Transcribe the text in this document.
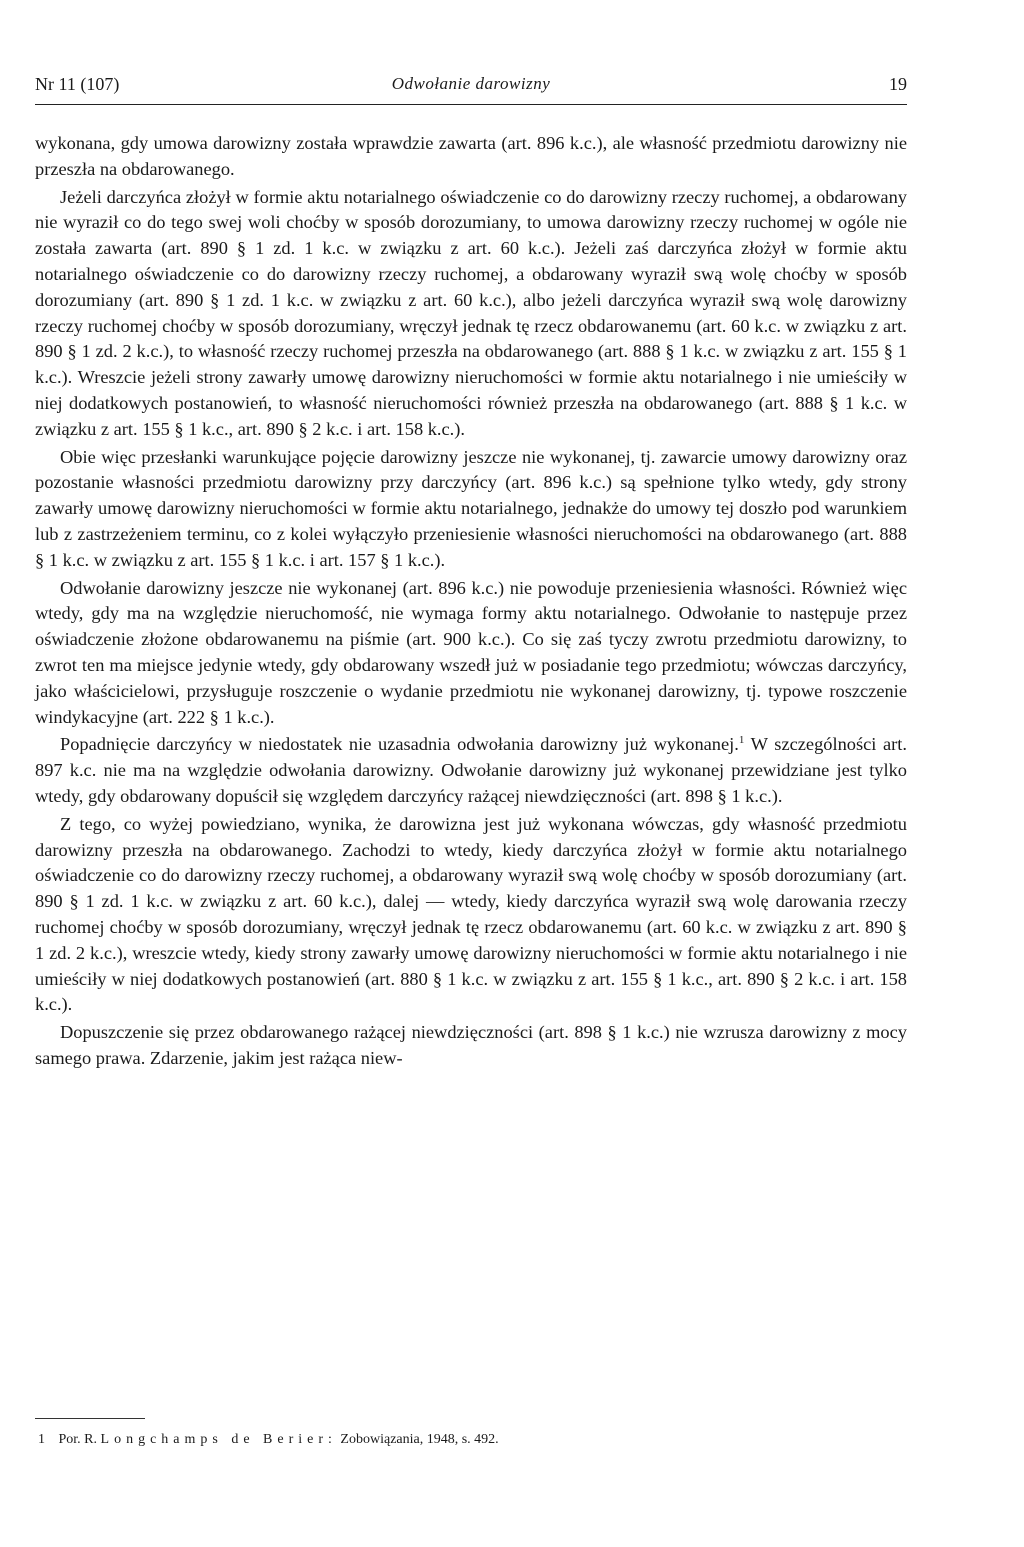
Nr 11 (107)	Odwołanie darowizny	19

wykonana, gdy umowa darowizny została wprawdzie zawarta (art. 896 k.c.), ale własność przedmiotu darowizny nie przeszła na obdarowanego.

Jeżeli darczyńca złożył w formie aktu notarialnego oświadczenie co do darowizny rzeczy ruchomej, a obdarowany nie wyraził co do tego swej woli choćby w sposób dorozumiany, to umowa darowizny rzeczy ruchomej w ogóle nie została zawarta (art. 890 § 1 zd. 1 k.c. w związku z art. 60 k.c.). Jeżeli zaś darczyńca złożył w formie aktu notarialnego oświadczenie co do darowizny rzeczy ruchomej, a obdarowany wyraził swą wolę choćby w sposób dorozumiany (art. 890 § 1 zd. 1 k.c. w związku z art. 60 k.c.), albo jeżeli darczyńca wyraził swą wolę darowizny rzeczy ruchomej choćby w sposób dorozumiany, wręczył jednak tę rzecz obdarowanemu (art. 60 k.c. w związku z art. 890 § 1 zd. 2 k.c.), to własność rzeczy ruchomej przeszła na obdarowanego (art. 888 § 1 k.c. w związku z art. 155 § 1 k.c.). Wreszcie jeżeli strony zawarły umowę darowizny nieruchomości w formie aktu notarialnego i nie umieściły w niej dodatkowych postanowień, to własność nieruchomości również przeszła na obdarowanego (art. 888 § 1 k.c. w związku z art. 155 § 1 k.c., art. 890 § 2 k.c. i art. 158 k.c.).

Obie więc przesłanki warunkujące pojęcie darowizny jeszcze nie wykonanej, tj. zawarcie umowy darowizny oraz pozostanie własności przedmiotu darowizny przy darczyńcy (art. 896 k.c.) są spełnione tylko wtedy, gdy strony zawarły umowę darowizny nieruchomości w formie aktu notarialnego, jednakże do umowy tej doszło pod warunkiem lub z zastrzeżeniem terminu, co z kolei wyłączyło przeniesienie własności nieruchomości na obdarowanego (art. 888 § 1 k.c. w związku z art. 155 § 1 k.c. i art. 157 § 1 k.c.).

Odwołanie darowizny jeszcze nie wykonanej (art. 896 k.c.) nie powoduje przeniesienia własności. Również więc wtedy, gdy ma na względzie nieruchomość, nie wymaga formy aktu notarialnego. Odwołanie to następuje przez oświadczenie złożone obdarowanemu na piśmie (art. 900 k.c.). Co się zaś tyczy zwrotu przedmiotu darowizny, to zwrot ten ma miejsce jedynie wtedy, gdy obdarowany wszedł już w posiadanie tego przedmiotu; wówczas darczyńcy, jako właścicielowi, przysługuje roszczenie o wydanie przedmiotu nie wykonanej darowizny, tj. typowe roszczenie windykacyjne (art. 222 § 1 k.c.).

Popadnięcie darczyńcy w niedostatek nie uzasadnia odwołania darowizny już wykonanej.$^1$ W szczególności art. 897 k.c. nie ma na względzie odwołania darowizny. Odwołanie darowizny już wykonanej przewidziane jest tylko wtedy, gdy obdarowany dopuścił się względem darczyńcy rażącej niewdzięczności (art. 898 § 1 k.c.).

Z tego, co wyżej powiedziano, wynika, że darowizna jest już wykonana wówczas, gdy własność przedmiotu darowizny przeszła na obdarowanego. Zachodzi to wtedy, kiedy darczyńca złożył w formie aktu notarialnego oświadczenie co do darowizny rzeczy ruchomej, a obdarowany wyraził swą wolę choćby w sposób dorozumiany (art. 890 § 1 zd. 1 k.c. w związku z art. 60 k.c.), dalej — wtedy, kiedy darczyńca wyraził swą wolę darowania rzeczy ruchomej choćby w sposób dorozumiany, wręczył jednak tę rzecz obdarowanemu (art. 60 k.c. w związku z art. 890 § 1 zd. 2 k.c.), wreszcie wtedy, kiedy strony zawarły umowę darowizny nieruchomości w formie aktu notarialnego i nie umieściły w niej dodatkowych postanowień (art. 880 § 1 k.c. w związku z art. 155 § 1 k.c., art. 890 § 2 k.c. i art. 158 k.c.).

Dopuszczenie się przez obdarowanego rażącej niewdzięczności (art. 898 § 1 k.c.) nie wzrusza darowizny z mocy samego prawa. Zdarzenie, jakim jest rażąca niew-

1 Por. R. Longchamps de Berier: Zobowiązania, 1948, s. 492.
